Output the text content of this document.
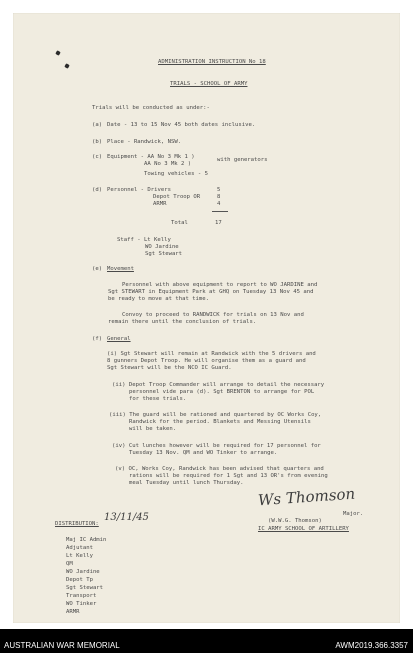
ADMINISTRATION INSTRUCTION No 18
TRIALS - SCHOOL OF ARMY
Trials will be conducted as under:-
(a) Date - 13 to 15 Nov 45 both dates inclusive.
(b) Place - Randwick, NSW.
(c) Equipment - AA No 3 Mk 1 )
AA No 3 Mk 2 )
with generators
Towing vehicles - 5
(d) Personnel - Drivers
Depot Troop OR
ARMR
5
8
4
Total	17
Staff - Lt Kelly
WO Jardine
Sgt Stewart
(e) Movement
Personnel with above equipment to report to WO JARDINE and
Sgt STEWART in Equipment Park at GHQ on Tuesday 13 Nov 45 and
be ready to move at that time.
Convoy to proceed to RANDWICK for trials on 13 Nov and
remain there until the conclusion of trials.
(f) General
(i) Sgt Stewart will remain at Randwick with the 5 drivers and
8 gunners Depot Troop. He will organise them as a guard and
Sgt Stewart will be the NCO IC Guard.
(ii) Depot Troop Commander will arrange to detail the necessary
personnel vide para (d). Sgt BRENTON to arrange for POL
for these trials.
(iii) The guard will be rationed and quartered by OC Works Coy,
Randwick for the period. Blankets and Messing Utensils
will be taken.
(iv) Cut lunches however will be required for 17 personnel for
Tuesday 13 Nov. QM and WO Tinker to arrange.
(v) OC, Works Coy, Randwick has been advised that quarters and
rations will be required for 1 Sgt and 13 OR's from evening
meal Tuesday until lunch Thursday.
Ws Thomson
Major.
(W.W.G. Thomson)
IC ARMY SCHOOL OF ARTILLERY
13/11/45
DISTRIBUTION:
Maj IC Admin
Adjutant
Lt Kelly
QM
WO Jardine
Depot Tp
Sgt Stewart
Transport
WO Tinker
ARMR
AUSTRALIAN WAR MEMORIAL	AWM2019.366.3357
